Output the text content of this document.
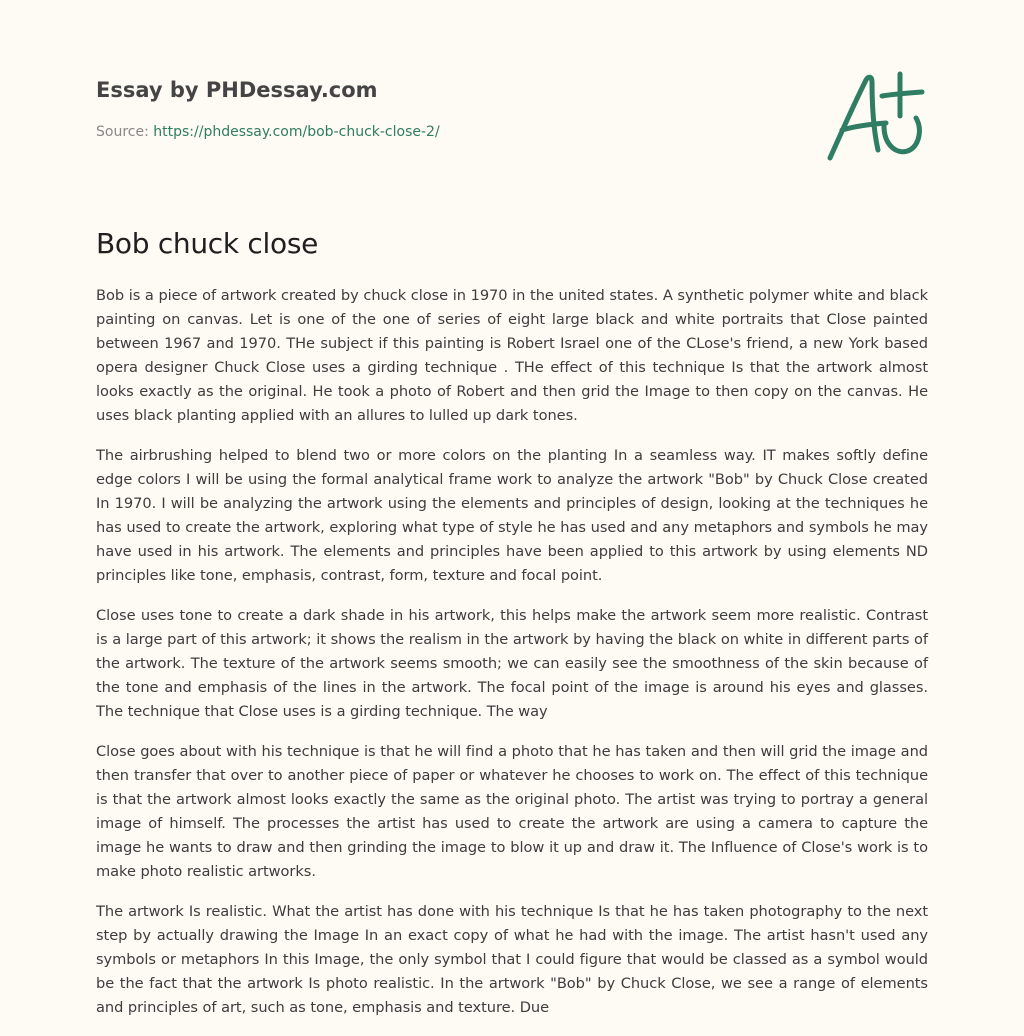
Essay by PHDessay.com
Source: https://phdessay.com/bob-chuck-close-2/
Bob chuck close

Bob is a piece of artwork created by chuck close in 1970 in the united states. A synthetic polymer white and black painting on canvas. Let is one of the one of series of eight large black and white portraits that Close painted between 1967 and 1970. THe subject if this painting is Robert Israel one of the CLose's friend, a new York based opera designer Chuck Close uses a girding technique . THe effect of this technique Is that the artwork almost looks exactly as the original. He took a photo of Robert and then grid the Image to then copy on the canvas. He uses black planting applied with an allures to lulled up dark tones.

The airbrushing helped to blend two or more colors on the planting In a seamless way. IT makes softly define edge colors I will be using the formal analytical frame work to analyze the artwork "Bob" by Chuck Close created In 1970. I will be analyzing the artwork using the elements and principles of design, looking at the techniques he has used to create the artwork, exploring what type of style he has used and any metaphors and symbols he may have used in his artwork. The elements and principles have been applied to this artwork by using elements ND principles like tone, emphasis, contrast, form, texture and focal point.

Close uses tone to create a dark shade in his artwork, this helps make the artwork seem more realistic. Contrast is a large part of this artwork; it shows the realism in the artwork by having the black on white in different parts of the artwork. The texture of the artwork seems smooth; we can easily see the smoothness of the skin because of the tone and emphasis of the lines in the artwork. The focal point of the image is around his eyes and glasses. The technique that Close uses is a girding technique. The way

Close goes about with his technique is that he will find a photo that he has taken and then will grid the image and then transfer that over to another piece of paper or whatever he chooses to work on. The effect of this technique is that the artwork almost looks exactly the same as the original photo. The artist was trying to portray a general image of himself. The processes the artist has used to create the artwork are using a camera to capture the image he wants to draw and then grinding the image to blow it up and draw it. The Influence of Close's work is to make photo realistic artworks.

The artwork Is realistic. What the artist has done with his technique Is that he has taken photography to the next step by actually drawing the Image In an exact copy of what he had with the image. The artist hasn't used any symbols or metaphors In this Image, the only symbol that I could figure that would be classed as a symbol would be the fact that the artwork Is photo realistic. In the artwork "Bob" by Chuck Close, we see a range of elements and principles of art, such as tone, emphasis and texture. Due
